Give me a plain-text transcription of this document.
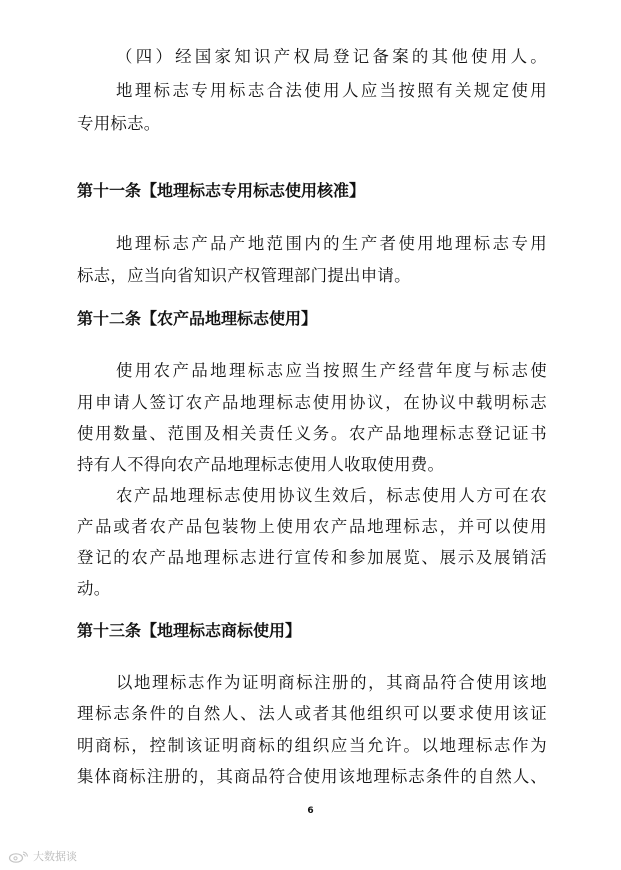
（四）经国家知识产权局登记备案的其他使用人。
地理标志专用标志合法使用人应当按照有关规定使用
专用标志。
第十一条【地理标志专用标志使用核准】
地理标志产品产地范围内的生产者使用地理标志专用
标志，应当向省知识产权管理部门提出申请。
第十二条【农产品地理标志使用】
使用农产品地理标志应当按照生产经营年度与标志使
用申请人签订农产品地理标志使用协议，在协议中载明标志
使用数量、范围及相关责任义务。农产品地理标志登记证书
持有人不得向农产品地理标志使用人收取使用费。
农产品地理标志使用协议生效后，标志使用人方可在农
产品或者农产品包装物上使用农产品地理标志，并可以使用
登记的农产品地理标志进行宣传和参加展览、展示及展销活
动。
第十三条【地理标志商标使用】
以地理标志作为证明商标注册的，其商品符合使用该地
理标志条件的自然人、法人或者其他组织可以要求使用该证
明商标，控制该证明商标的组织应当允许。以地理标志作为
集体商标注册的，其商品符合使用该地理标志条件的自然人、
6
大数据谈
